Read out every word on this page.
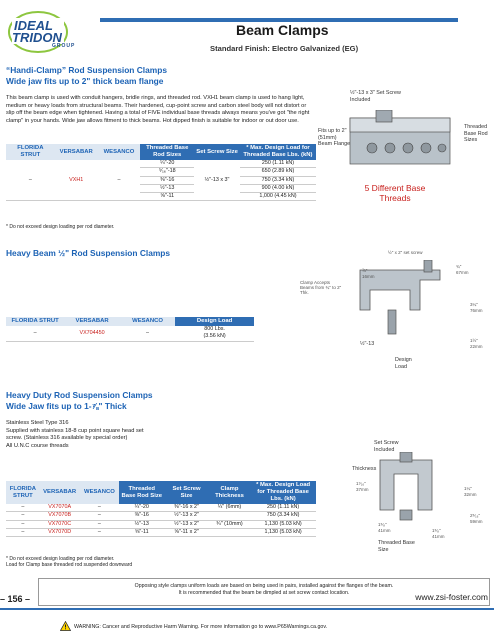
IDEAL
TRIDON
GROUP
Beam Clamps
Standard Finish: Electro Galvanized (EG)
“Handi-Clamp” Rod Suspension Clamps
Wide jaw fits up to 2" thick beam flange
This beam clamp is used with conduit hangers, bridle rings, and threaded rod. VXH1 beam clamp is used to hang light, medium or heavy loads from structural beams. Their hardened, cup-point screw and carbon steel body will not distort or slip off the beam edge when tightened. Having a total of FIVE individual base threads always means you've got "the right clamp" in your hands. Wide jaw allows fitment to thick beams. Hot dipped finish is suitable for indoor or out door use.
FLORIDA STRUT	VERSABAR	WESANCO	Threaded Base Rod Sizes	Set Screw Size	* Max. Design Load for Threaded Base Lbs. (kN)
–	VXH1	–	¼"-20	½"-13 x 3"	250 (1.11 kN)
			⁵⁄₁₆"-18		650 (2.89 kN)
			⅜"-16		750 (3.34 kN)
			½"-13		900 (4.00 kN)
			⅝"-11		1,000 (4.45 kN)
* Do not exceed design loading per rod diameter.
½"-13 x 3" Set Screw Included
Fits up to 2" (51mm) Beam Flange
Threaded Base Rod Sizes
5 Different Base Threads
Heavy Beam ½" Rod Suspension Clamps
FLORIDA STRUT	VERSABAR	WESANCO	Design Load
–	VX704450	–	800 Lbs.
(3.56 kN)
½" x 2" set screw
¾"
67mm
Clamp Accepts Beams from ¾" to 2" Thk.
⅞"
16mm
3¼"
76mm
1½"
22mm
½"-13
Design Load
Heavy Duty Rod Suspension Clamps
Wide Jaw fits up to 1-⅞" Thick
Stainless Steel Type 316
Supplied with stainless 18-8 cup point square head set
screw. (Stainless 316 available by special order)
All U.N.C course threads
FLORIDA STRUT	VERSABAR	WESANCO	Threaded Base Rod Size	Set Screw Size	Clamp Thickness	* Max. Design Load for Threaded Base Lbs. (kN)
–	VX7070A	–	¼"-20	⅜"-16 x 2"	¼" (6mm)	250 (1.11 kN)
–	VX7070B	–	⅜"-16	½"-13 x 2"		750 (3.34 kN)
–	VX7070C	–	½"-13	½"-13 x 2"	¾" (10mm)	1,130 (5.03 kN)
–	VX7070D	–	⅝"-11	⅝"-11 x 2"		1,130 (5.03 kN)
* Do not exceed design loading per rod diameter.
Load for Clamp base threaded rod suspended downward
Set Screw Included
Thickness
1¼"
32mm
1⁷⁄₁₆"
37mm
2⁵⁄₁₆"
59mm
1⁵⁄₈"
41mm	1⁵⁄₈"
41mm
Threaded Base Size
Opposing style clamps uniform loads are based on being used in pairs, installed against the flanges of the beam.
It is recommended that the beam be dimpled at set screw contact location.
– 156 –	www.zsi-foster.com
WARNING: Cancer and Reproductive Harm Warning. For more information go to www.P65Warnings.ca.gov.
